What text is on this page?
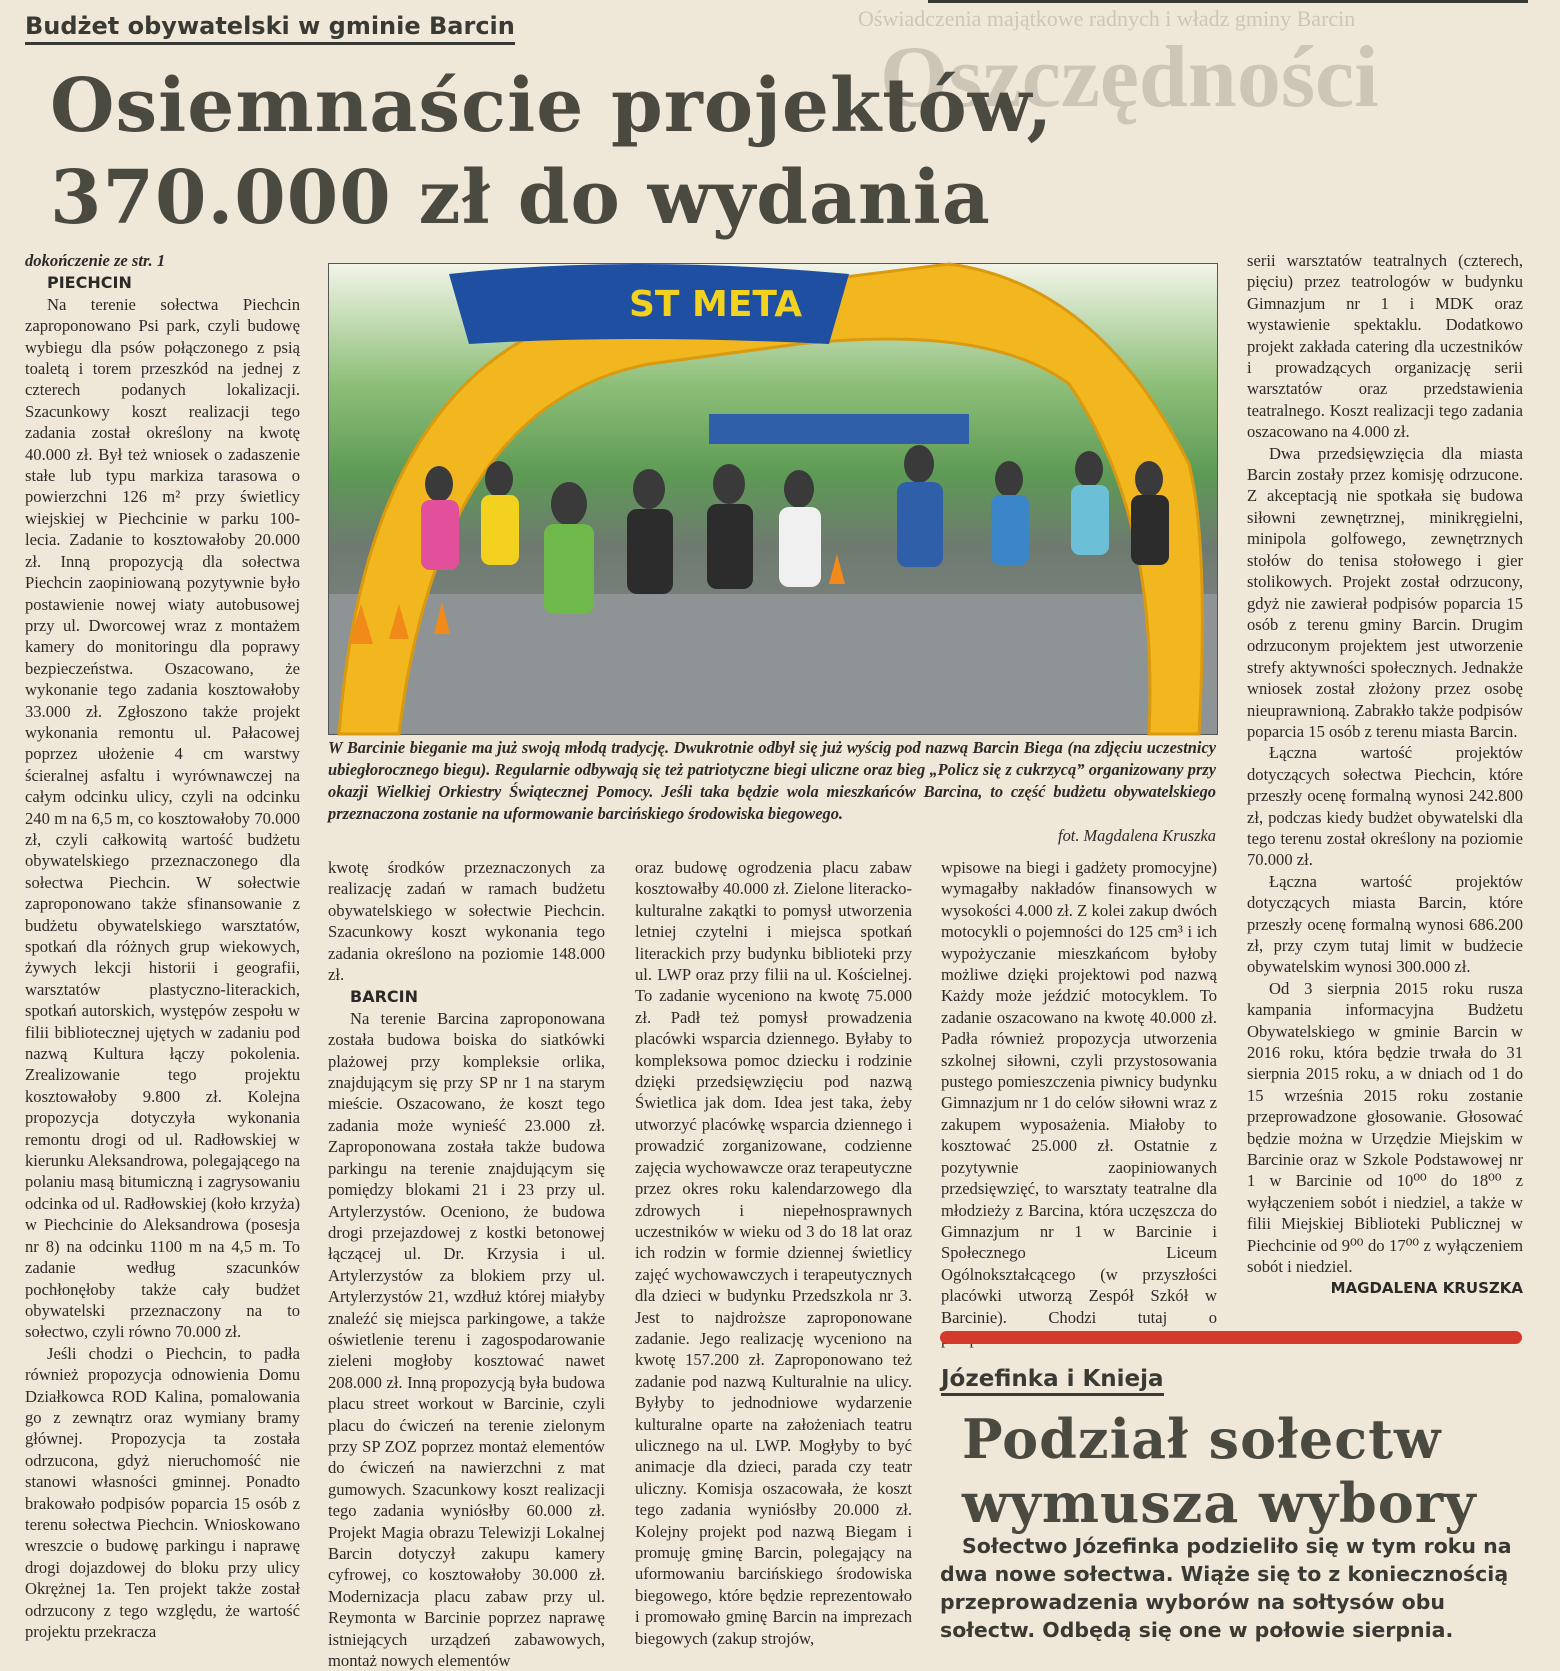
Oświadczenia majątkowe radnych i władz gminy Barcin
Oszczędności
Budżet obywatelski w gminie Barcin
Osiemnaście projektów,
370.000 zł do wydania

dokończenie ze str. 1

PIECHCIN

Na terenie sołectwa Piechcin zaproponowano Psi park, czyli budowę wybiegu dla psów połączonego z psią toaletą i torem przeszkód na jednej z czterech podanych lokalizacji. Szacunkowy koszt realizacji tego zadania został określony na kwotę 40.000 zł. Był też wniosek o zadaszenie stałe lub typu markiza tarasowa o powierzchni 126 m² przy świetlicy wiejskiej w Piechcinie w parku 100-lecia. Zadanie to kosztowałoby 20.000 zł. Inną propozycją dla sołectwa Piechcin zaopiniowaną pozytywnie było postawienie nowej wiaty autobusowej przy ul. Dworcowej wraz z montażem kamery do monitoringu dla poprawy bezpieczeństwa. Oszacowano, że wykonanie tego zadania kosztowałoby 33.000 zł. Zgłoszono także projekt wykonania remontu ul. Pałacowej poprzez ułożenie 4 cm warstwy ścieralnej asfaltu i wyrównawczej na całym odcinku ulicy, czyli na odcinku 240 m na 6,5 m, co kosztowałoby 70.000 zł, czyli całkowitą wartość budżetu obywatelskiego przeznaczonego dla sołectwa Piechcin. W sołectwie zaproponowano także sfinansowanie z budżetu obywatelskiego warsztatów, spotkań dla różnych grup wiekowych, żywych lekcji historii i geografii, warsztatów plastyczno-literackich, spotkań autorskich, występów zespołu w filii bibliotecznej ujętych w zadaniu pod nazwą Kultura łączy pokolenia. Zrealizowanie tego projektu kosztowałoby 9.800 zł. Kolejna propozycja dotyczyła wykonania remontu drogi od ul. Radłowskiej w kierunku Aleksandrowa, polegającego na polaniu masą bitumiczną i zagrysowaniu odcinka od ul. Radłowskiej (koło krzyża) w Piechcinie do Aleksandrowa (posesja nr 8) na odcinku 1100 m na 4,5 m. To zadanie według szacunków pochłonęłoby także cały budżet obywatelski przeznaczony na to sołectwo, czyli równo 70.000 zł.

Jeśli chodzi o Piechcin, to padła również propozycja odnowienia Domu Działkowca ROD Kalina, pomalowania go z zewnątrz oraz wymiany bramy głównej. Propozycja ta została odrzucona, gdyż nieruchomość nie stanowi własności gminnej. Ponadto brakowało podpisów poparcia 15 osób z terenu sołectwa Piechcin. Wnioskowano wreszcie o budowę parkingu i naprawę drogi dojazdowej do bloku przy ulicy Okrężnej 1a. Ten projekt także został odrzucony z tego względu, że wartość projektu przekracza

ST META
W Barcinie bieganie ma już swoją młodą tradycję. Dwukrotnie odbył się już wyścig pod nazwą Barcin Biega (na zdjęciu uczestnicy ubiegłorocznego biegu). Regularnie odbywają się też patriotyczne biegi uliczne oraz bieg „Policz się z cukrzycą” organizowany przy okazji Wielkiej Orkiestry Świątecznej Pomocy. Jeśli taka będzie wola mieszkańców Barcina, to część budżetu obywatelskiego przeznaczona zostanie na uformowanie barcińskiego środowiska biegowego.
fot. Magdalena Kruszka

kwotę środków przeznaczonych za realizację zadań w ramach budżetu obywatelskiego w sołectwie Piechcin. Szacunkowy koszt wykonania tego zadania określono na poziomie 148.000 zł.

BARCIN

Na terenie Barcina zaproponowana została budowa boiska do siatkówki plażowej przy kompleksie orlika, znajdującym się przy SP nr 1 na starym mieście. Oszacowano, że koszt tego zadania może wynieść 23.000 zł. Zaproponowana została także budowa parkingu na terenie znajdującym się pomiędzy blokami 21 i 23 przy ul. Artylerzystów. Oceniono, że budowa drogi przejazdowej z kostki betonowej łączącej ul. Dr. Krzysia i ul. Artylerzystów za blokiem przy ul. Artylerzystów 21, wzdłuż której miałyby znaleźć się miejsca parkingowe, a także oświetlenie terenu i zagospodarowanie zieleni mogłoby kosztować nawet 208.000 zł. Inną propozycją była budowa placu street workout w Barcinie, czyli placu do ćwiczeń na terenie zielonym przy SP ZOZ poprzez montaż elementów do ćwiczeń na nawierzchni z mat gumowych. Szacunkowy koszt realizacji tego zadania wyniósłby 60.000 zł. Projekt Magia obrazu Telewizji Lokalnej Barcin dotyczył zakupu kamery cyfrowej, co kosztowałoby 30.000 zł. Modernizacja placu zabaw przy ul. Reymonta w Barcinie poprzez naprawę istniejących urządzeń zabawowych, montaż nowych elementów

oraz budowę ogrodzenia placu zabaw kosztowałby 40.000 zł. Zielone literacko-kulturalne zakątki to pomysł utworzenia letniej czytelni i miejsca spotkań literackich przy budynku biblioteki przy ul. LWP oraz przy filii na ul. Kościelnej. To zadanie wyceniono na kwotę 75.000 zł. Padł też pomysł prowadzenia placówki wsparcia dziennego. Byłaby to kompleksowa pomoc dziecku i rodzinie dzięki przedsięwzięciu pod nazwą Świetlica jak dom. Idea jest taka, żeby utworzyć placówkę wsparcia dziennego i prowadzić zorganizowane, codzienne zajęcia wychowawcze oraz terapeutyczne przez okres roku kalendarzowego dla zdrowych i niepełnosprawnych uczestników w wieku od 3 do 18 lat oraz ich rodzin w formie dziennej świetlicy zajęć wychowawczych i terapeutycznych dla dzieci w budynku Przedszkola nr 3. Jest to najdroższe zaproponowane zadanie. Jego realizację wyceniono na kwotę 157.200 zł. Zaproponowano też zadanie pod nazwą Kulturalnie na ulicy. Byłyby to jednodniowe wydarzenie kulturalne oparte na założeniach teatru ulicznego na ul. LWP. Mogłyby to być animacje dla dzieci, parada czy teatr uliczny. Komisja oszacowała, że koszt tego zadania wyniósłby 20.000 zł. Kolejny projekt pod nazwą Biegam i promuję gminę Barcin, polegający na uformowaniu barcińskiego środowiska biegowego, które będzie reprezentowało i promowało gminę Barcin na imprezach biegowych (zakup strojów,

wpisowe na biegi i gadżety promocyjne) wymagałby nakładów finansowych w wysokości 4.000 zł. Z kolei zakup dwóch motocykli o pojemności do 125 cm³ i ich wypożyczanie mieszkańcom byłoby możliwe dzięki projektowi pod nazwą Każdy może jeździć motocyklem. To zadanie oszacowano na kwotę 40.000 zł. Padła również propozycja utworzenia szkolnej siłowni, czyli przystosowania pustego pomieszczenia piwnicy budynku Gimnazjum nr 1 do celów siłowni wraz z zakupem wyposażenia. Miałoby to kosztować 25.000 zł. Ostatnie z pozytywnie zaopiniowanych przedsięwzięć, to warsztaty teatralne dla młodzieży z Barcina, która uczęszcza do Gimnazjum nr 1 w Barcinie i Społecznego Liceum Ogólnokształcącego (w przyszłości placówki utworzą Zespół Szkół w Barcinie). Chodzi tutaj o

serii warsztatów teatralnych (czterech, pięciu) przez teatrologów w budynku Gimnazjum nr 1 i MDK oraz wystawienie spektaklu. Dodatkowo projekt zakłada catering dla uczestników i prowadzących organizację serii warsztatów oraz przedstawienia teatralnego. Koszt realizacji tego zadania oszacowano na 4.000 zł.

Dwa przedsięwzięcia dla miasta Barcin zostały przez komisję odrzucone. Z akceptacją nie spotkała się budowa siłowni zewnętrznej, minikręgielni, minipola golfowego, zewnętrznych stołów do tenisa stołowego i gier stolikowych. Projekt został odrzucony, gdyż nie zawierał podpisów poparcia 15 osób z terenu gminy Barcin. Drugim odrzuconym projektem jest utworzenie strefy aktywności społecznych. Jednakże wniosek został złożony przez osobę nieuprawnioną. Zabrakło także podpisów poparcia 15 osób z terenu miasta Barcin.

Łączna wartość projektów dotyczących sołectwa Piechcin, które przeszły ocenę formalną wynosi 242.800 zł, podczas kiedy budżet obywatelski dla tego terenu został określony na poziomie 70.000 zł.

Łączna wartość projektów dotyczących miasta Barcin, które przeszły ocenę formalną wynosi 686.200 zł, przy czym tutaj limit w budżecie obywatelskim wynosi 300.000 zł.

Od 3 sierpnia 2015 roku rusza kampania informacyjna Budżetu Obywatelskiego w gminie Barcin w 2016 roku, która będzie trwała do 31 sierpnia 2015 roku, a w dniach od 1 do 15 września 2015 roku zostanie przeprowadzone głosowanie. Głosować będzie można w Urzędzie Miejskim w Barcinie oraz w Szkole Podstawowej nr 1 w Barcinie od 10⁰⁰ do 18⁰⁰ z wyłączeniem sobót i niedziel, a także w filii Miejskiej Biblioteki Publicznej w Piechcinie od 9⁰⁰ do 17⁰⁰ z wyłączeniem sobót i niedziel.

MAGDALENA KRUSZKA

Józefinka i Knieja
Podział sołectw
wymusza wybory
Sołectwo Józefinka podzieliło się w tym roku na
dwa nowe sołectwa. Wiąże się to z koniecznością przeprowadzenia wyborów na sołtysów obu sołectw. Odbędą się one w połowie sierpnia.
